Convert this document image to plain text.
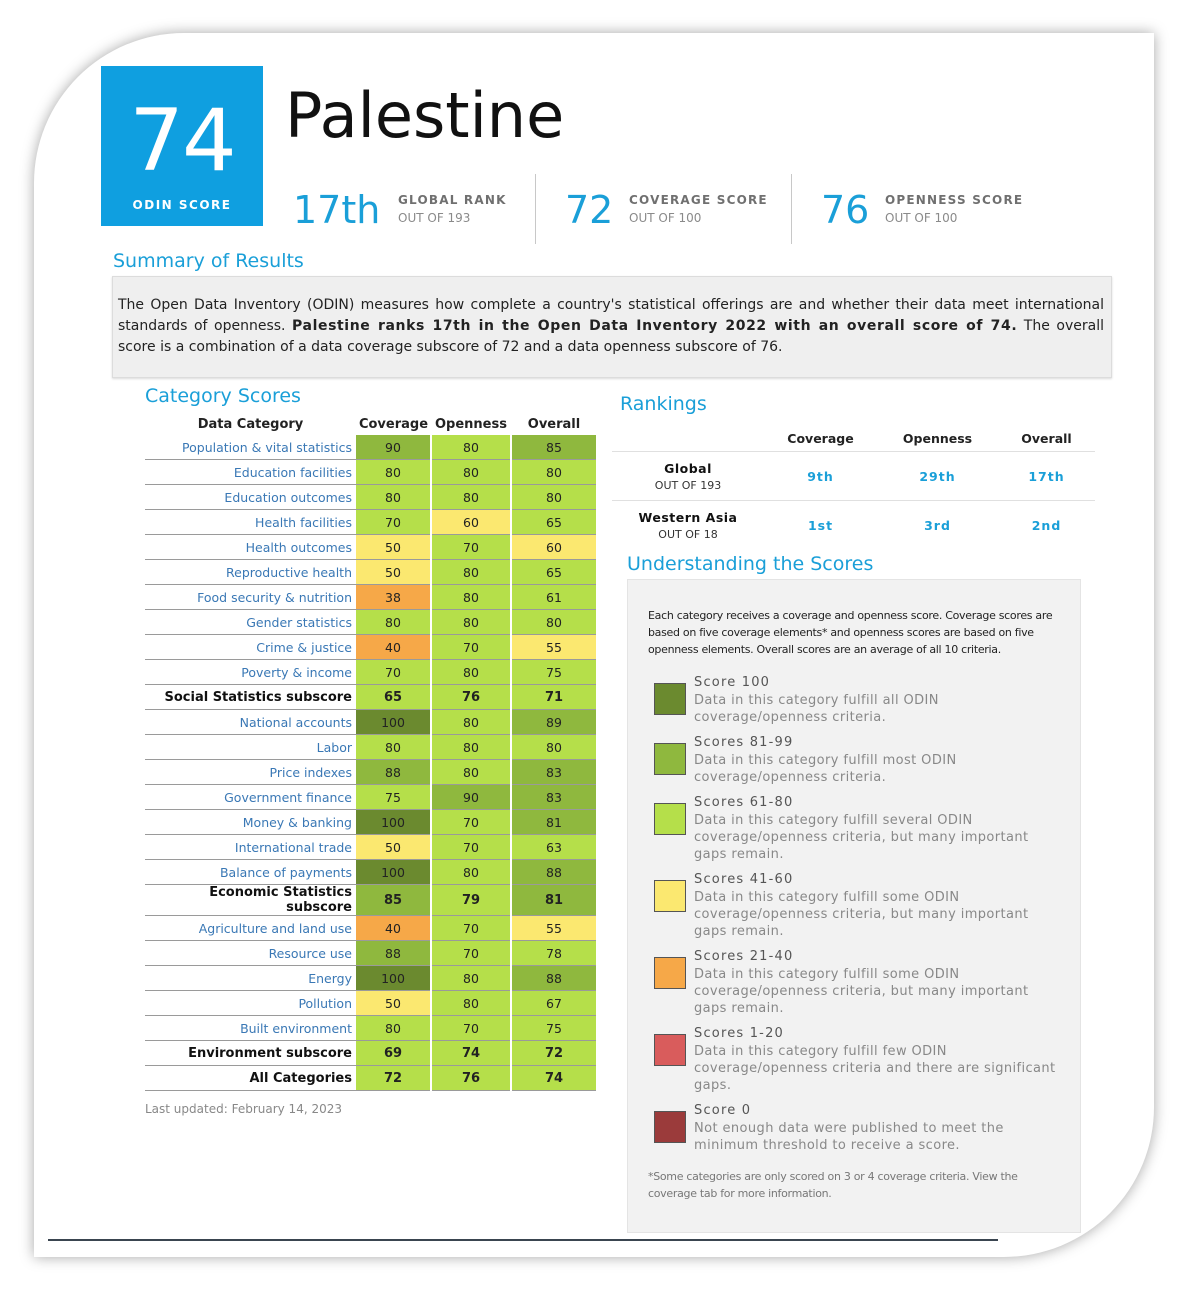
74
ODIN SCORE
Palestine
17th GLOBAL RANK
OUT OF 193 72 COVERAGE SCORE
OUT OF 100	76 OPENNESS SCORE
OUT OF 100
Summary of Results

The Open Data Inventory (ODIN) measures how complete a country's statistical offerings are and whether their data meet international standards of openness. Palestine ranks 17th in the Open Data Inventory 2022 with an overall score of 74. The overall score is a combination of a data coverage subscore of 72 and a data openness subscore of 76.

Category Scores
Data Category	Coverage	Openness	Overall
Population & vital statistics	90	80	85
Education facilities	80	80	80
Education outcomes	80	80	80
Health facilities	70	60	65
Health outcomes	50	70	60
Reproductive health	50	80	65
Food security & nutrition	38	80	61
Gender statistics	80	80	80
Crime & justice	40	70	55
Poverty & income	70	80	75
Social Statistics subscore	65	76	71
National accounts	100	80	89
Labor	80	80	80
Price indexes	88	80	83
Government finance	75	90	83
Money & banking	100	70	81
International trade	50	70	63
Balance of payments	100	80	88
Economic Statistics subscore	85	79	81
Agriculture and land use	40	70	55
Resource use	88	70	78
Energy	100	80	88
Pollution	50	80	67
Built environment	80	70	75
Environment subscore	69	74	72
All Categories	72	76	74
Last updated: February 14, 2023
Rankings
	Coverage	Openness	Overall

Global
OUT OF 193	9th	29th	17th

Western Asia
OUT OF 18	1st	3rd	2nd
Understanding the Scores

Each category receives a coverage and openness score. Coverage scores are based on five coverage elements* and openness scores are based on five openness elements. Overall scores are an average of all 10 criteria.

Score 100
Data in this category fulfill all ODIN coverage/openness criteria.
Scores 81-99
Data in this category fulfill most ODIN coverage/openness criteria.
Scores 61-80
Data in this category fulfill several ODIN coverage/openness criteria, but many important gaps remain.
Scores 41-60
Data in this category fulfill some ODIN coverage/openness criteria, but many important gaps remain.
Scores 21-40
Data in this category fulfill some ODIN coverage/openness criteria, but many important gaps remain.
Scores 1-20
Data in this category fulfill few ODIN coverage/openness criteria and there are significant gaps.
Score 0
Not enough data were published to meet the minimum threshold to receive a score.

*Some categories are only scored on 3 or 4 coverage criteria. View the coverage tab for more information.
